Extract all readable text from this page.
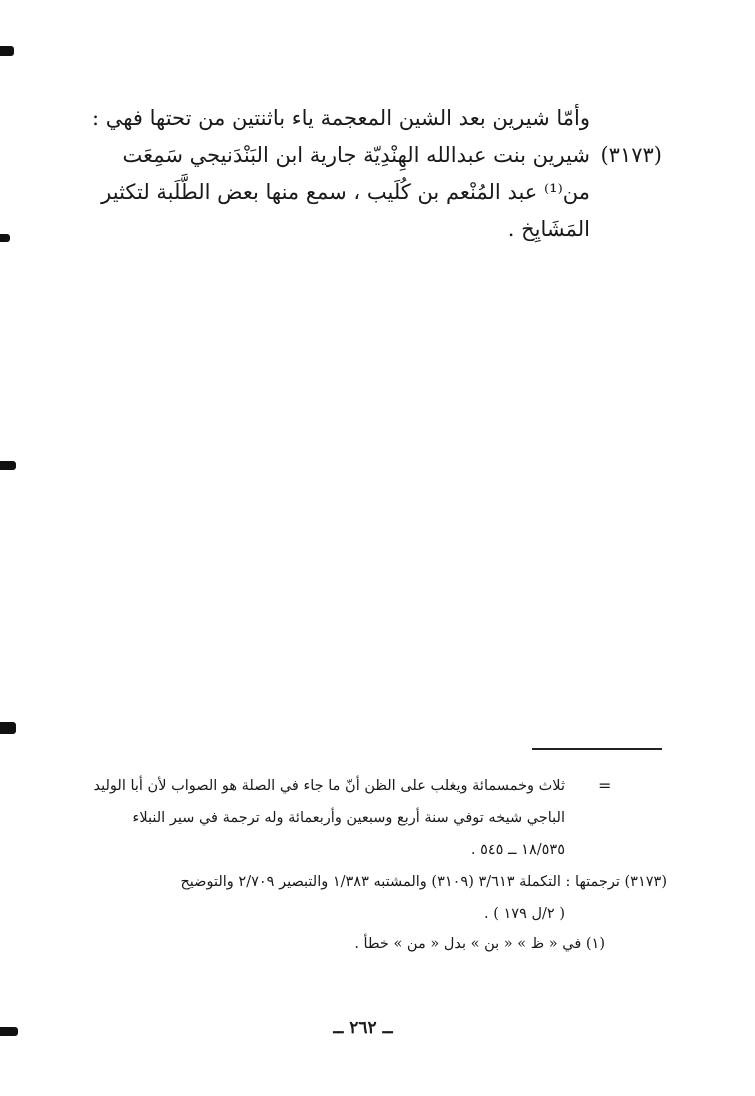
وأمّا شيرين بعد الشين المعجمة ياء باثنتين من تحتها فهي :
شيرين بنت عبدالله الهِنْدِيّة جارية ابن البَنْدَنيجي سَمِعَت
من⁽¹⁾ عبد المُنْعم بن كُلَيب ، سمع منها بعض الطَّلَبة لتكثير
المَشَايِخ .
(٣١٧٣)
=
ثلاث وخمسمائة ويغلب على الظن أنّ ما جاء في الصلة هو الصواب لأن أبا الوليد
الباجي شيخه توفي سنة أربع وسبعين وأربعمائة وله ترجمة في سير النبلاء
١٨/٥٣٥ ــ ٥٤٥ .
(٣١٧٣) ترجمتها : التكملة ٣/٦١٣ (٣١٠٩) والمشتبه ١/٣٨٣ والتبصير ٢/٧٠٩ والتوضيح
( ٢/ل ١٧٩ ) .
(١) في « ظ » « بن » بدل « من » خطأ .
ــ ٢٦٢ ــ
